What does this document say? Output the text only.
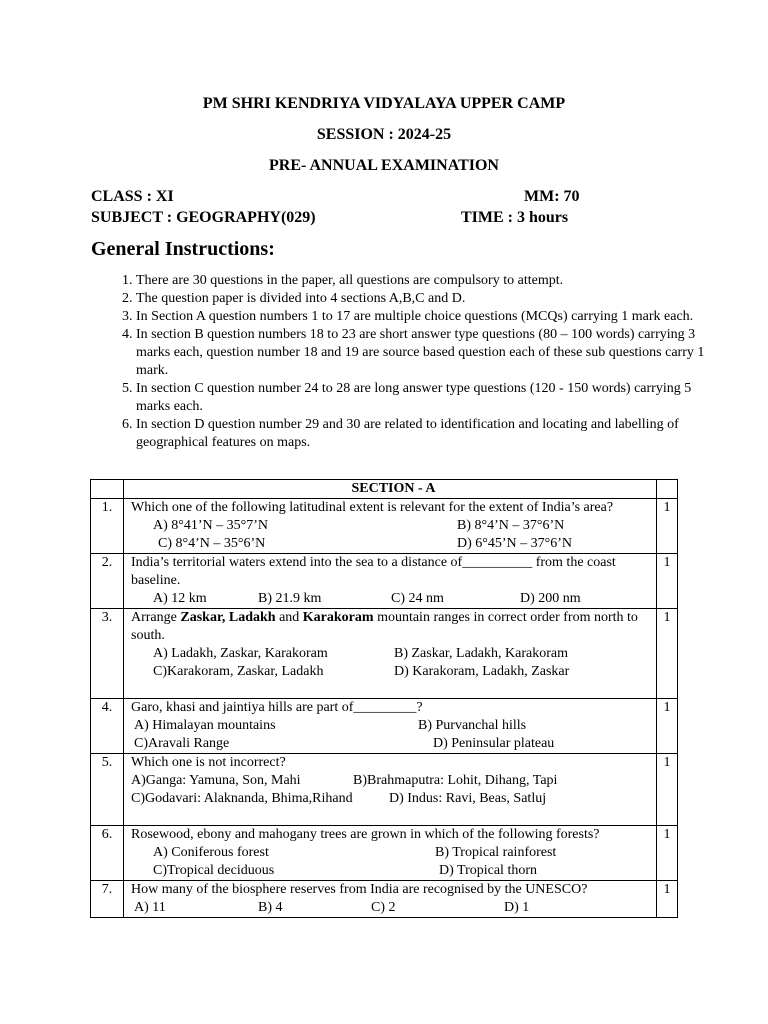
PM SHRI KENDRIYA VIDYALAYA UPPER CAMP
SESSION : 2024-25
PRE- ANNUAL EXAMINATION
CLASS : XI	MM: 70
SUBJECT : GEOGRAPHY(029)	TIME : 3 hours
General Instructions:
1. There are 30 questions in the paper, all questions are compulsory to attempt.
2. The question paper is divided into 4 sections A,B,C and D.
3. In Section A question numbers 1 to 17 are multiple choice questions (MCQs) carrying 1 mark each.
4. In section B question numbers 18 to 23 are short answer type questions (80 – 100 words) carrying 3 marks each, question number 18 and 19 are source based question each of these sub questions carry 1 mark.
5. In section C question number 24 to 28 are long answer type questions (120 - 150 words) carrying 5 marks each.
6. In section D question number 29 and 30 are related to identification and locating and labelling of geographical features on maps.

	SECTION - A	

1.	Which one of the following latitudinal extent is relevant for the extent of India’s area?
A) 8°41’N – 35°7’N B) 8°4’N – 37°6’N
C) 8°4’N – 35°6’N D) 6°45’N – 37°6’N	1
2.	India’s territorial waters extend into the sea to a distance of__________ from the coast baseline.
A) 12 km B) 21.9 km C) 24 nm D) 200 nm	1
3.	Arrange Zaskar, Ladakh and Karakoram mountain ranges in correct order from north to south.
A) Ladakh, Zaskar, Karakoram B) Zaskar, Ladakh, Karakoram
C)Karakoram, Zaskar, Ladakh D) Karakoram, Ladakh, Zaskar	1
4.	Garo, khasi and jaintiya hills are part of_________?
A) Himalayan mountains B) Purvanchal hills
C)Aravali Range D) Peninsular plateau	1
5.	Which one is not incorrect?
A)Ganga: Yamuna, Son, Mahi B)Brahmaputra: Lohit, Dihang, Tapi
C)Godavari: Alaknanda, Bhima,Rihand D) Indus: Ravi, Beas, Satluj	1
6.	Rosewood, ebony and mahogany trees are grown in which of the following forests?
A) Coniferous forest B) Tropical rainforest
C)Tropical deciduous D) Tropical thorn	1
7.	How many of the biosphere reserves from India are recognised by the UNESCO?
A) 11 B) 4 C) 2 D) 1	1
